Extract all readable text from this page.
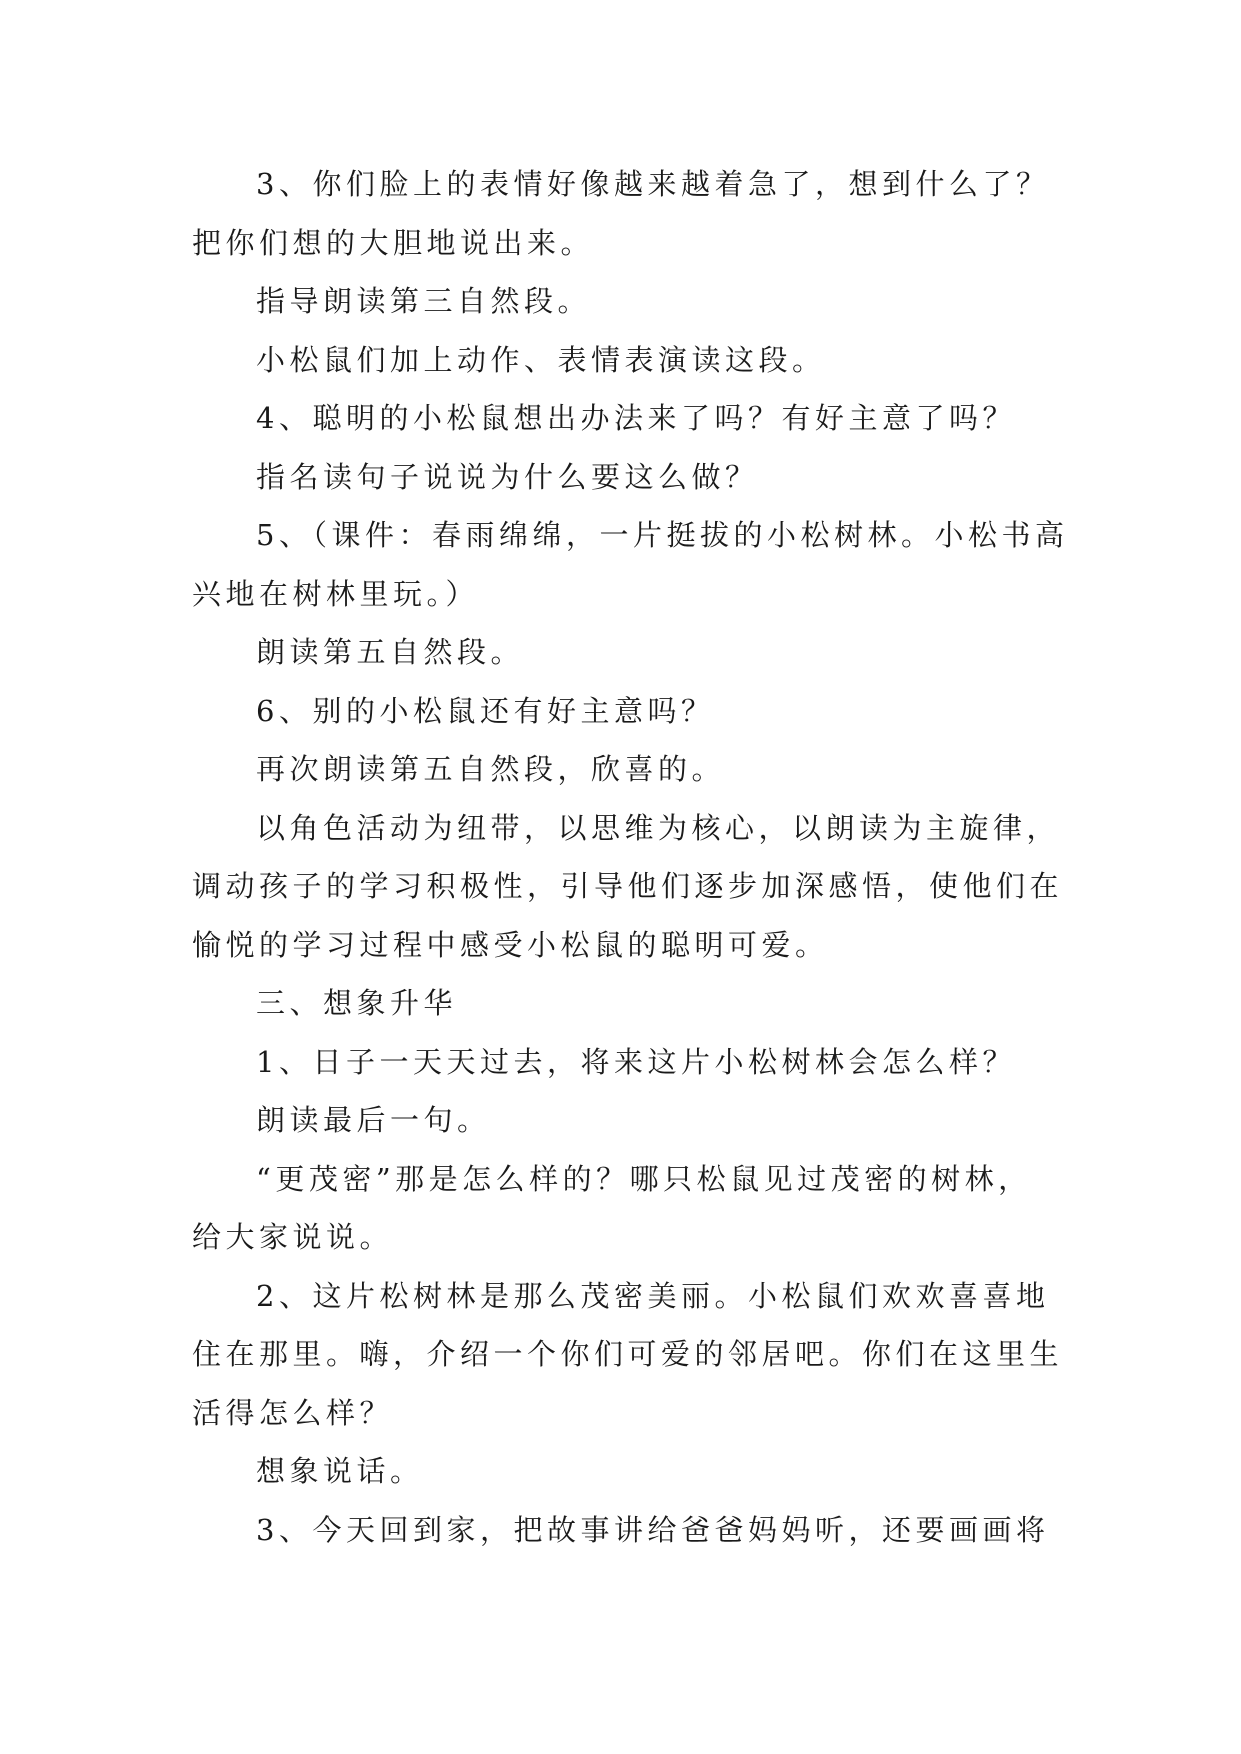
3、你们脸上的表情好像越来越着急了，想到什么了？
把你们想的大胆地说出来。

指导朗读第三自然段。

小松鼠们加上动作、表情表演读这段。

4、聪明的小松鼠想出办法来了吗？有好主意了吗？

指名读句子说说为什么要这么做？

5、（课件：春雨绵绵，一片挺拔的小松树林。小松书高
兴地在树林里玩。）

朗读第五自然段。

6、别的小松鼠还有好主意吗？

再次朗读第五自然段，欣喜的。

以角色活动为纽带，以思维为核心，以朗读为主旋律，
调动孩子的学习积极性，引导他们逐步加深感悟，使他们在
愉悦的学习过程中感受小松鼠的聪明可爱。

三、想象升华

1、日子一天天过去，将来这片小松树林会怎么样？

朗读最后一句。

“更茂密”那是怎么样的？哪只松鼠见过茂密的树林，
给大家说说。

2、这片松树林是那么茂密美丽。小松鼠们欢欢喜喜地
住在那里。嗨，介绍一个你们可爱的邻居吧。你们在这里生
活得怎么样？

想象说话。

3、今天回到家，把故事讲给爸爸妈妈听，还要画画将
